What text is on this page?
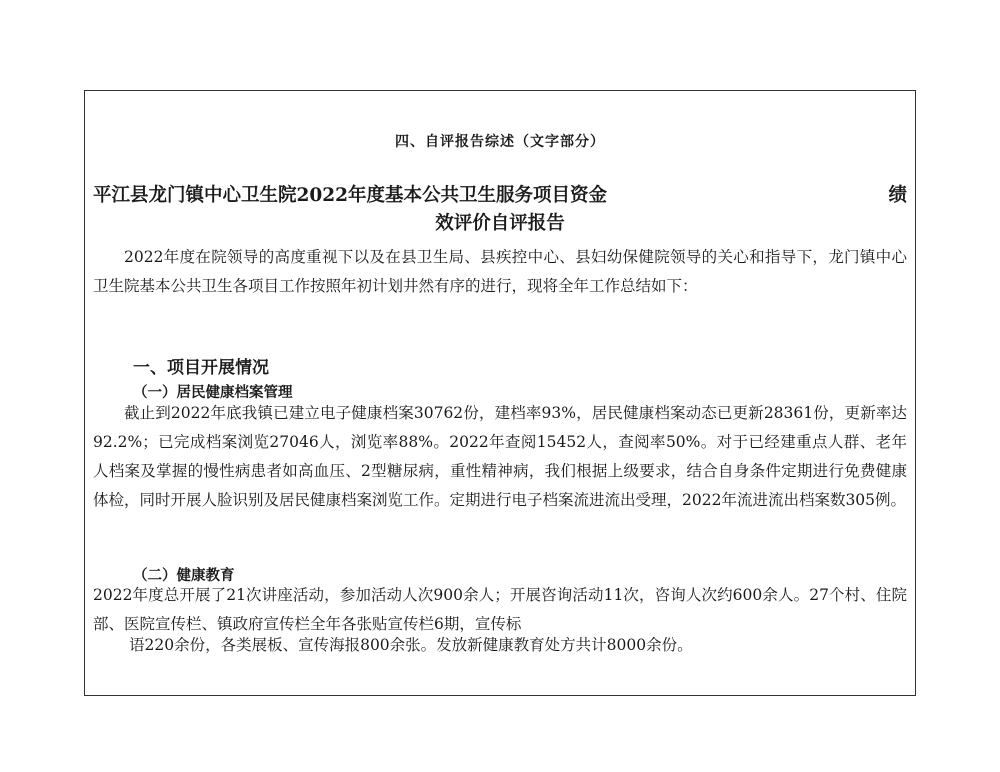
四、自评报告综述（文字部分）
平江县龙门镇中心卫生院2022年度基本公共卫生服务项目资金	绩
效评价自评报告
2022年度在院领导的高度重视下以及在县卫生局、县疾控中心、县妇幼保健院领导的关心和指导下，龙门镇中心卫生院基本公共卫生各项目工作按照年初计划井然有序的进行，现将全年工作总结如下：
一、项目开展情况
（一）居民健康档案管理
截止到2022年底我镇已建立电子健康档案30762份，建档率93%，居民健康档案动态已更新28361份，更新率达92.2%；已完成档案浏览27046人，浏览率88%。2022年查阅15452人，查阅率50%。对于已经建重点人群、老年人档案及掌握的慢性病患者如高血压、2型糖尿病，重性精神病，我们根据上级要求，结合自身条件定期进行免费健康体检，同时开展人脸识别及居民健康档案浏览工作。定期进行电子档案流进流出受理，2022年流进流出档案数305例。
（二）健康教育
2022年度总开展了21次讲座活动，参加活动人次900余人；开展咨询活动11次，咨询人次约600余人。27个村、住院部、医院宣传栏、镇政府宣传栏全年各张贴宣传栏6期，宣传标
语220余份，各类展板、宣传海报800余张。发放新健康教育处方共计8000余份。
